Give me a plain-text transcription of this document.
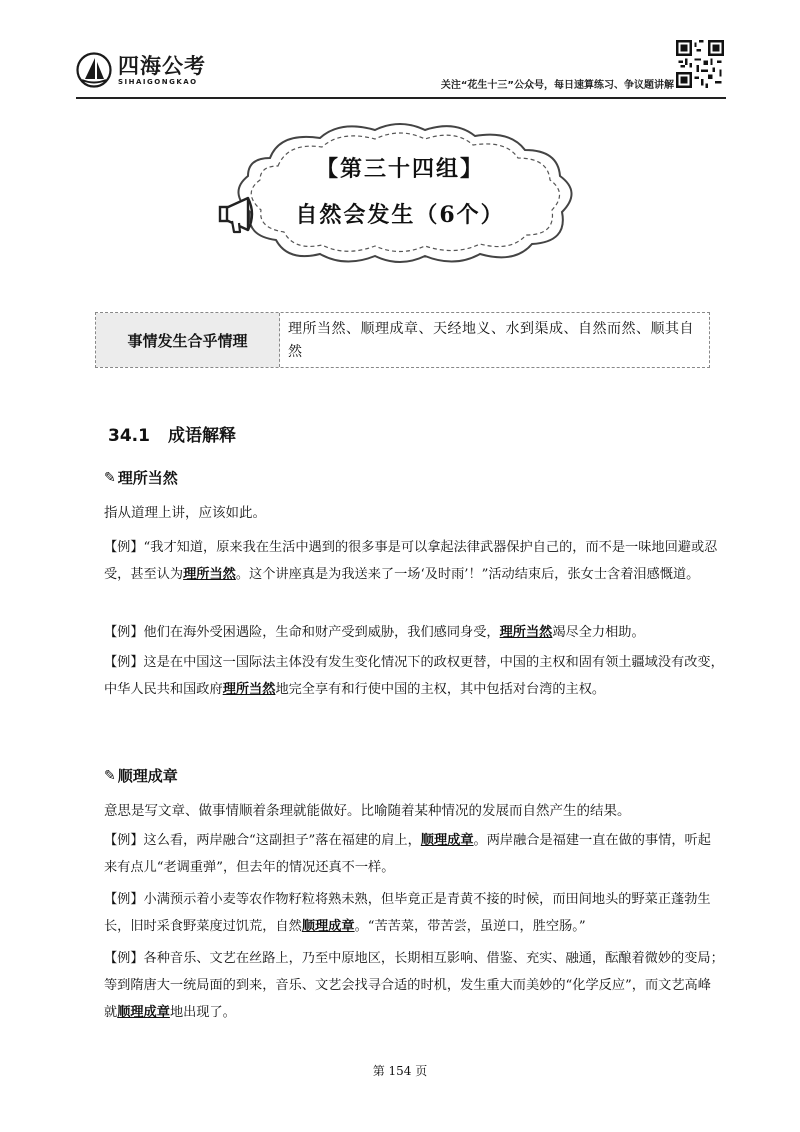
四海公考
SIHAIGONGKAO	关注“花生十三”公众号，每日速算练习、争议题讲解
【第三十四组】
自然会发生（6个）
事情发生合乎情理
理所当然、顺理成章、天经地义、水到渠成、自然而然、顺其自然
34.1 成语解释
✎ 理所当然
指从道理上讲，应该如此。
【例】“我才知道，原来我在生活中遇到的很多事是可以拿起法律武器保护自己的，而不是一味地回避或忍受，甚至认为理所当然。这个讲座真是为我送来了一场‘及时雨’！”活动结束后，张女士含着泪感慨道。
【例】他们在海外受困遇险，生命和财产受到威胁，我们感同身受，理所当然竭尽全力相助。
【例】这是在中国这一国际法主体没有发生变化情况下的政权更替，中国的主权和固有领土疆域没有改变，中华人民共和国政府理所当然地完全享有和行使中国的主权，其中包括对台湾的主权。
✎ 顺理成章
意思是写文章、做事情顺着条理就能做好。比喻随着某种情况的发展而自然产生的结果。
【例】这么看，两岸融合“这副担子”落在福建的肩上，顺理成章。两岸融合是福建一直在做的事情，听起来有点儿“老调重弹”，但去年的情况还真不一样。
【例】小满预示着小麦等农作物籽粒将熟未熟，但毕竟正是青黄不接的时候，而田间地头的野菜正蓬勃生长，旧时采食野菜度过饥荒，自然顺理成章。“苦苦菜，带苦尝，虽逆口，胜空肠。”
【例】各种音乐、文艺在丝路上，乃至中原地区，长期相互影响、借鉴、充实、融通，酝酿着微妙的变局；等到隋唐大一统局面的到来，音乐、文艺会找寻合适的时机，发生重大而美妙的“化学反应”，而文艺高峰就顺理成章地出现了。
第 154 页
